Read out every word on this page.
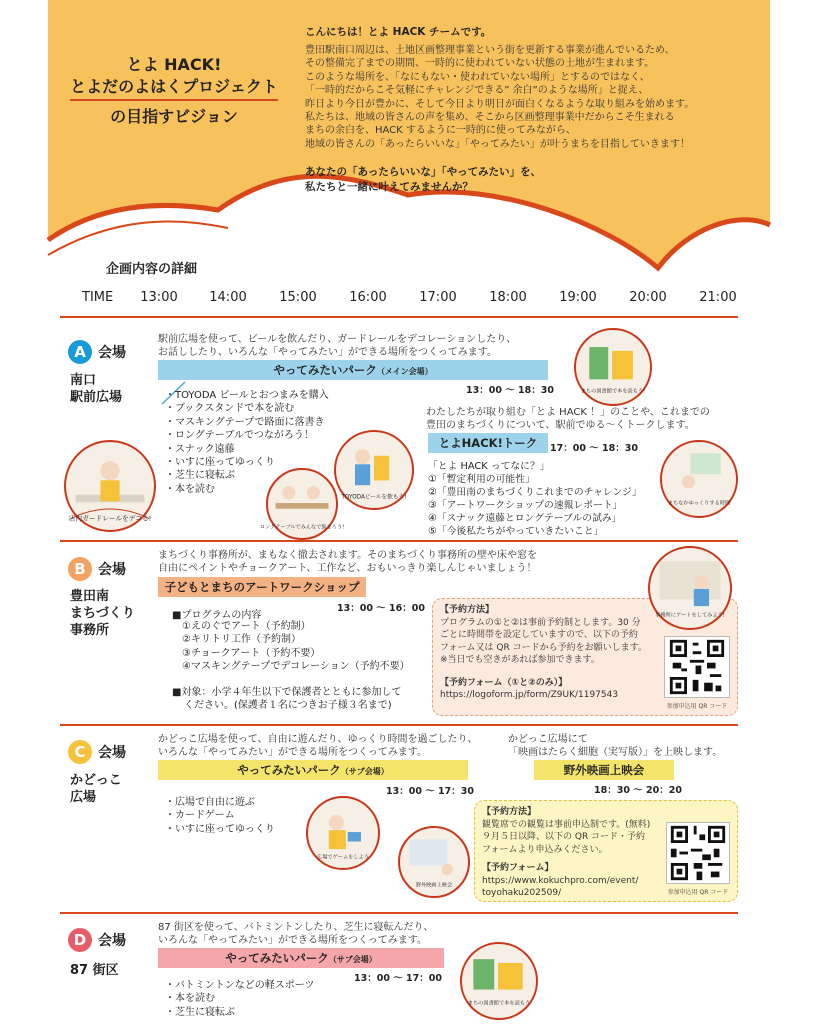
とよ HACK!
とよだのよはくプロジェクト
の目指すビジョン
こんにちは！とよ HACK チームです。
豊田駅南口周辺は、土地区画整理事業という街を更新する事業が進んでいるため、
その整備完了までの期間、一時的に使われていない状態の土地が生まれます。
このような場所を、「なにもない・使われていない場所」とするのではなく、
「一時的だからこそ気軽にチャレンジできる” 余白”のような場所」と捉え、
昨日より今日が豊かに、そして今日より明日が面白くなるような取り組みを始めます。
私たちは、地域の皆さんの声を集め、そこから区画整理事業中だからこそ生まれる
まちの余白を、HACK するように一時的に使ってみながら、
地域の皆さんの「あったらいいな」「やってみたい」が叶うまちを目指していきます！
あなたの「あったらいいな」「やってみたい」を、
私たちと一緒に叶えてみませんか？
企画内容の詳細
TIME	13:00	14:00	15:00	16:00	17:00	18:00	19:00	20:00	21:00
A 会場
南口
駅前広場
駅前広場を使って、ビールを飲んだり、ガードレールをデコレーションしたり、
お話ししたり、いろんな「やってみたい」ができる場所をつくってみます。
やってみたいパーク（メイン会場）
13：00 〜 18：30
・TOYODA ビールとおつまみを購入
・ブックスタンドで本を読む
・マスキングテープで路面に落書き
・ロングテーブルでつながろう！
・スナック遠藤
・いすに座ってゆっくり
・芝生に寝転ぶ
・本を読む
わたしたちが取り組む「とよ HACK ！」のことや、これまでの
豊田のまちづくりについて、駅前でゆる〜くトークします。
とよHACK!トーク	17：00 〜 18：30
「とよ HACK ってなに？」
①「暫定利用の可能性」
②「豊田南のまちづくりこれまでのチャレンジ」
③「アートワークショップの速報レポート」
④「スナック遠藤とロングテーブルの試み」
⑤「今後私たちがやっていきたいこと」
店内ガードレールをデコる!
ロングテーブルでみんなで集まろう!
TOYODAビールを飲もう!
まちの図書館で本を読もう!
まちなかゆっくりする時間
B 会場
豊田南
まちづくり
事務所
まちづくり事務所が、まもなく撤去されます。そのまちづくり事務所の壁や床や窓を
自由にペイントやチョークアート、工作など、おもいっきり楽しんじゃいましょう！
子どもとまちのアートワークショップ
13：00 〜 16：00
■プログラムの内容
①えのぐでアート（予約制）
②キリトリ工作（予約制）
③チョークアート（予約不要）
④マスキングテープでデコレーション（予約不要）
■対象：小学４年生以下で保護者とともに参加して
ください。(保護者１名につきお子様３名まで)
【予約方法】
プログラムの①と②は事前予約制とします。30 分
ごとに時間帯を設定していますので、以下の予約
フォーム又は QR コードから予約をお願いします。
※当日でも空きがあれば参加できます。
【予約フォーム（①と②のみ）】
https://logoform.jp/form/Z9UK/1197543
参加申込用 QR コード
事務所にアートをしてみよう!
C 会場
かどっこ
広場
かどっこ広場を使って、自由に遊んだり、ゆっくり時間を過ごしたり、
いろんな「やってみたい」ができる場所をつくってみます。
やってみたいパーク（サブ会場）
13：00 〜 17：30
・広場で自由に遊ぶ
・カードゲーム
・いすに座ってゆっくり
かどっこ広場にて
「映画はたらく細胞（実写版）」を上映します。
野外映画上映会
18：30 〜 20：20
【予約方法】
観覧席での観覧は事前申込制です。(無料)
９月５日以降、以下の QR コード・予約
フォームより申込みください。
【予約フォーム】
https://www.kokuchpro.com/event/
toyohaku202509/	参加申込用 QR コード
広場でゲームをしよう
野外映画上映会
D 会場
87 街区
87 街区を使って、バトミントンしたり、芝生に寝転んだり、
いろんな「やってみたい」ができる場所をつくってみます。
やってみたいパーク（サブ会場）
13：00 〜 17：00
・バトミントンなどの軽スポーツ
・本を読む
・芝生に寝転ぶ
まちの図書館で本を読もう
